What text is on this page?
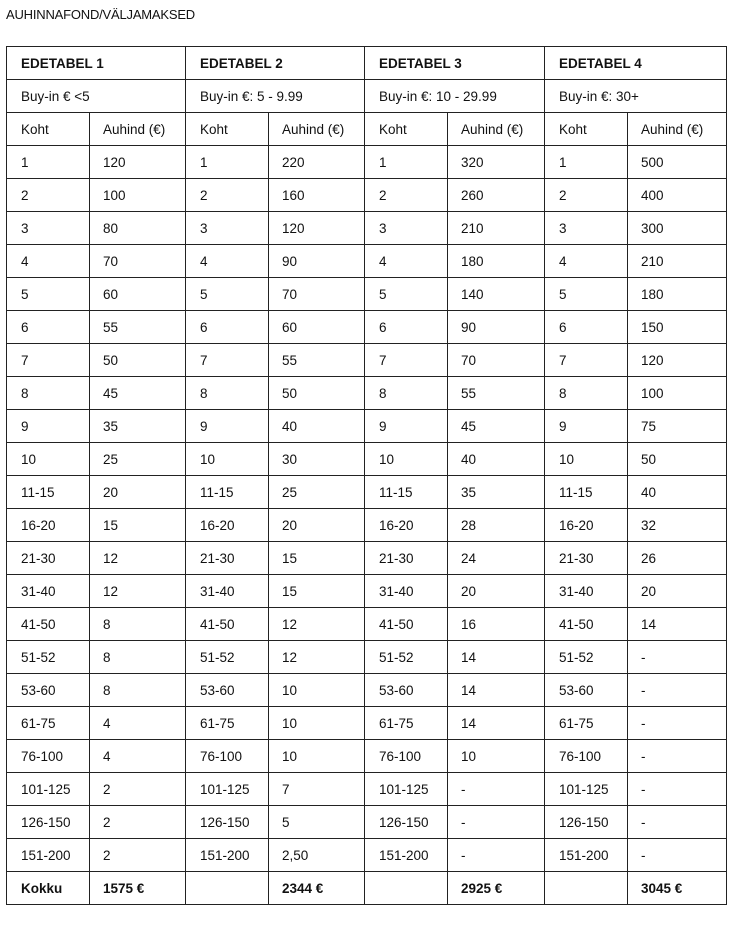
AUHINNAFOND/VÄLJAMAKSED
EDETABEL 1		EDETABEL 2		EDETABEL 3		EDETABEL 4	
Buy-in € <5		Buy-in €: 5 - 9.99		Buy-in €: 10 - 29.99		Buy-in €: 30+	
Koht	Auhind (€)	Koht	Auhind (€)	Koht	Auhind (€)	Koht	Auhind (€)
1	120	1	220	1	320	1	500
2	100	2	160	2	260	2	400
3	80	3	120	3	210	3	300
4	70	4	90	4	180	4	210
5	60	5	70	5	140	5	180
6	55	6	60	6	90	6	150
7	50	7	55	7	70	7	120
8	45	8	50	8	55	8	100
9	35	9	40	9	45	9	75
10	25	10	30	10	40	10	50
11-15	20	11-15	25	11-15	35	11-15	40
16-20	15	16-20	20	16-20	28	16-20	32
21-30	12	21-30	15	21-30	24	21-30	26
31-40	12	31-40	15	31-40	20	31-40	20
41-50	8	41-50	12	41-50	16	41-50	14
51-52	8	51-52	12	51-52	14	51-52	-
53-60	8	53-60	10	53-60	14	53-60	-
61-75	4	61-75	10	61-75	14	61-75	-
76-100	4	76-100	10	76-100	10	76-100	-
101-125	2	101-125	7	101-125	-	101-125	-
126-150	2	126-150	5	126-150	-	126-150	-
151-200	2	151-200	2,50	151-200	-	151-200	-
Kokku	1575 €		2344 €		2925 €		3045 €
